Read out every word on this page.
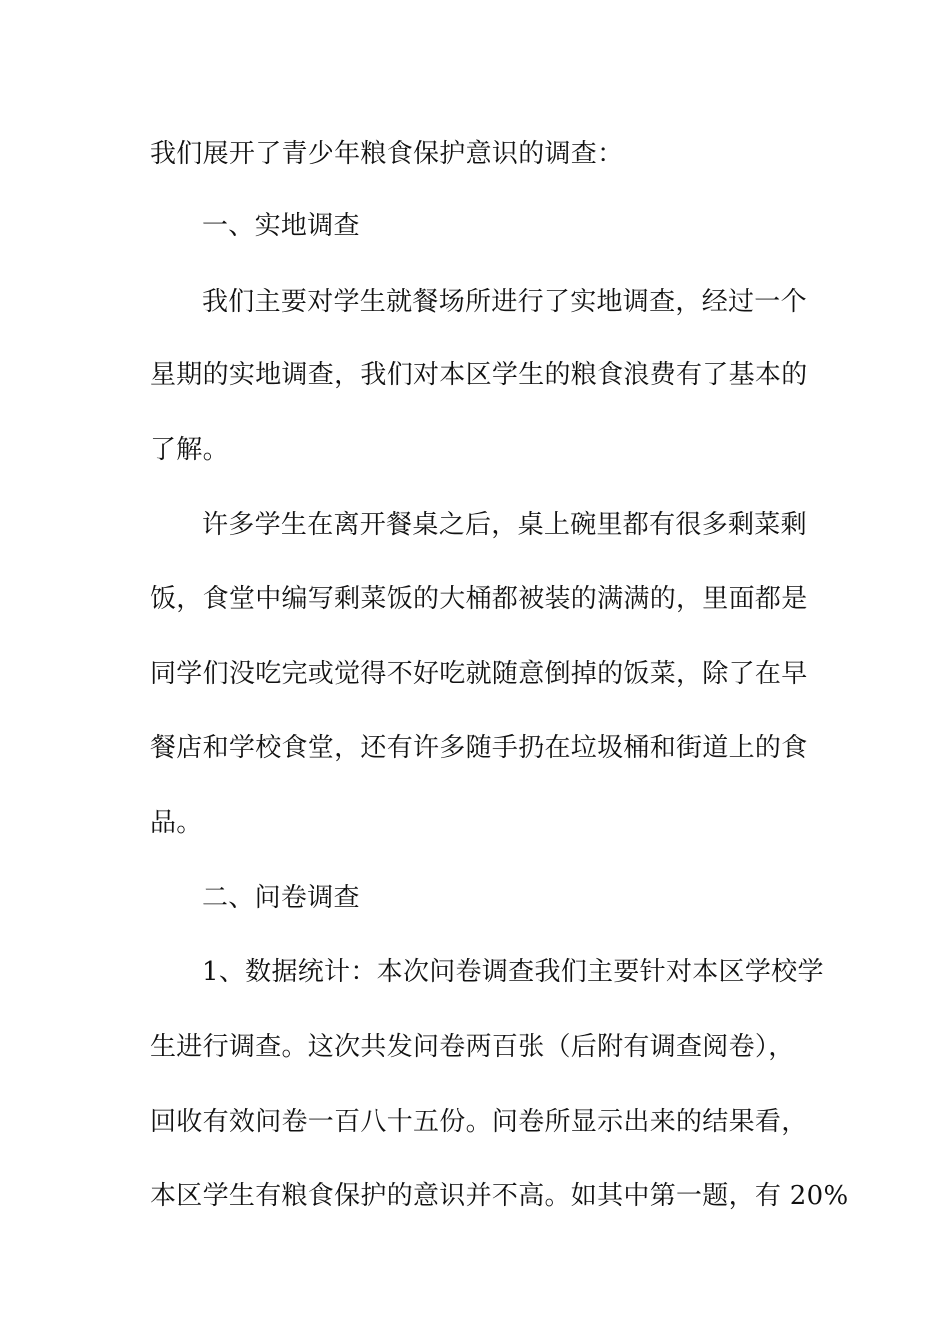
我们展开了青少年粮食保护意识的调查：
一、实地调查
我们主要对学生就餐场所进行了实地调查，经过一个
星期的实地调查，我们对本区学生的粮食浪费有了基本的
了解。
许多学生在离开餐桌之后，桌上碗里都有很多剩菜剩
饭，食堂中编写剩菜饭的大桶都被装的满满的，里面都是
同学们没吃完或觉得不好吃就随意倒掉的饭菜，除了在早
餐店和学校食堂，还有许多随手扔在垃圾桶和街道上的食
品。
二、问卷调查
1、数据统计：本次问卷调查我们主要针对本区学校学
生进行调查。这次共发问卷两百张（后附有调查阅卷），
回收有效问卷一百八十五份。问卷所显示出来的结果看，
本区学生有粮食保护的意识并不高。如其中第一题，有 20%
